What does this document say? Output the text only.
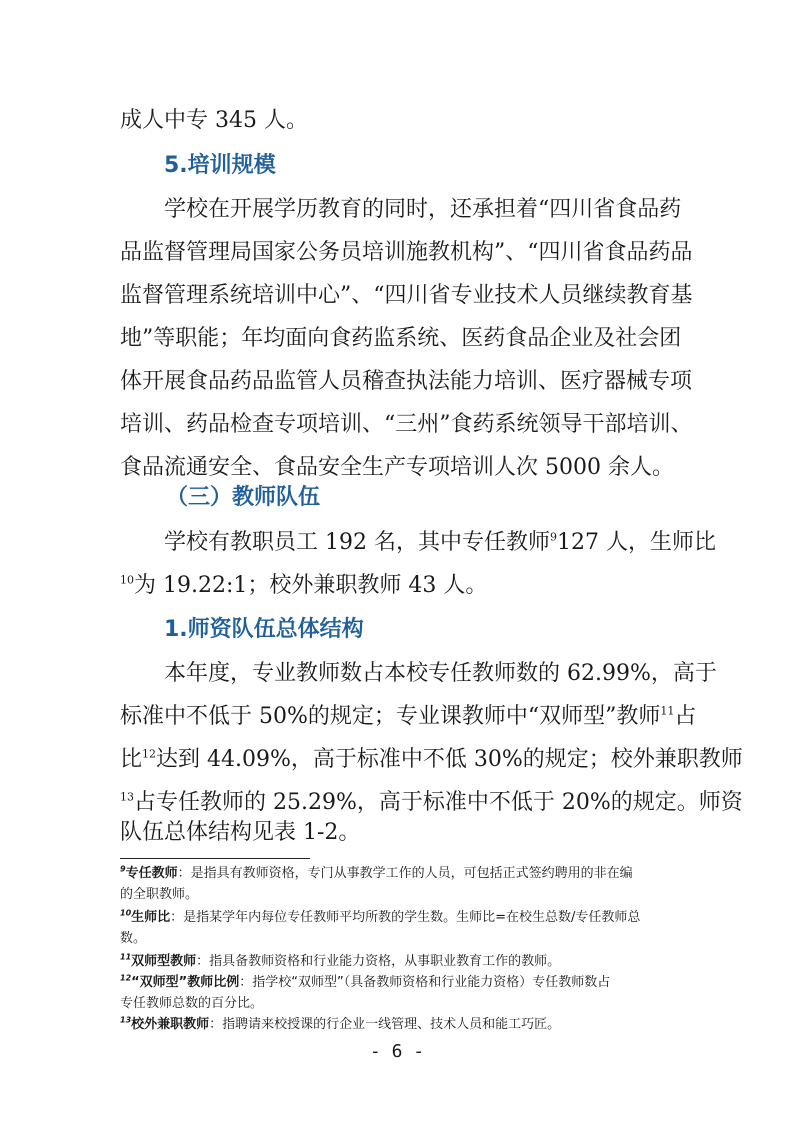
成人中专 345 人。
5.培训规模
学校在开展学历教育的同时，还承担着“四川省食品药
品监督管理局国家公务员培训施教机构”、“四川省食品药品
监督管理系统培训中心”、“四川省专业技术人员继续教育基
地”等职能；年均面向食药监系统、医药食品企业及社会团
体开展食品药品监管人员稽查执法能力培训、医疗器械专项
培训、药品检查专项培训、“三州”食药系统领导干部培训、
食品流通安全、食品安全生产专项培训人次 5000 余人。
（三）教师队伍
学校有教职员工 192 名，其中专任教师$^9$127 人，生师比
$^{10}$为 19.22:1；校外兼职教师 43 人。
1.师资队伍总体结构
本年度，专业教师数占本校专任教师数的 62.99%，高于
标准中不低于 50%的规定；专业课教师中“双师型”教师$^{11}$占
比$^{12}$达到 44.09%，高于标准中不低 30%的规定；校外兼职教师
$^{13}$占专任教师的 25.29%，高于标准中不低于 20%的规定。师资
队伍总体结构见表 1-2。
$^9$专任教师：是指具有教师资格，专门从事教学工作的人员，可包括正式签约聘用的非在编
的全职教师。
$^{10}$生师比：是指某学年内每位专任教师平均所教的学生数。生师比=在校生总数/专任教师总
数。
$^{11}$双师型教师：指具备教师资格和行业能力资格，从事职业教育工作的教师。
$^{12}$“双师型”教师比例：指学校“双师型”（具备教师资格和行业能力资格）专任教师数占
专任教师总数的百分比。
$^{13}$校外兼职教师：指聘请来校授课的行企业一线管理、技术人员和能工巧匠。
- 6 -
